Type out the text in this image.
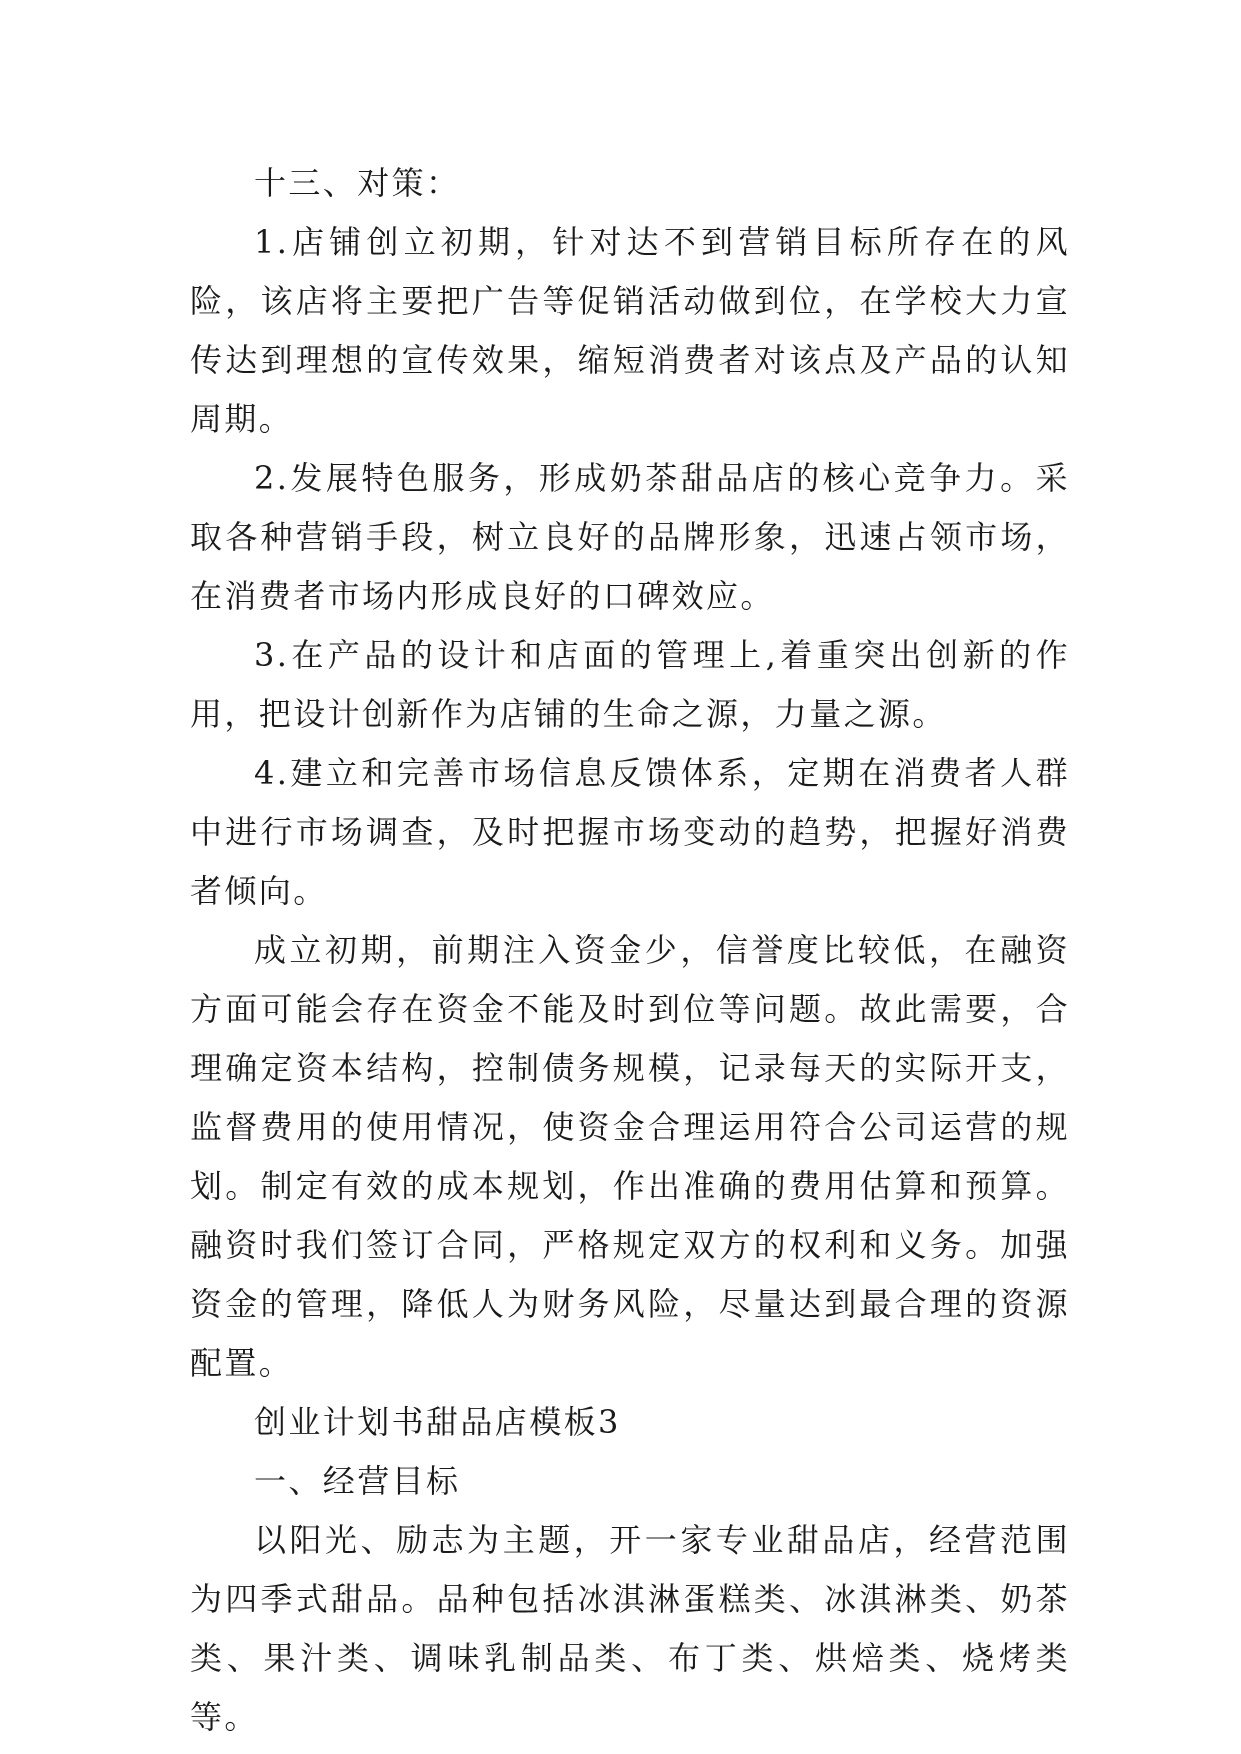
十三、对策：

1.店铺创立初期，针对达不到营销目标所存在的风险，该店将主要把广告等促销活动做到位，在学校大力宣传达到理想的宣传效果，缩短消费者对该点及产品的认知周期。

2.发展特色服务，形成奶茶甜品店的核心竞争力。采取各种营销手段，树立良好的品牌形象，迅速占领市场，在消费者市场内形成良好的口碑效应。

3.在产品的设计和店面的管理上,着重突出创新的作用，把设计创新作为店铺的生命之源，力量之源。

4.建立和完善市场信息反馈体系，定期在消费者人群中进行市场调查，及时把握市场变动的趋势，把握好消费者倾向。

成立初期，前期注入资金少，信誉度比较低，在融资方面可能会存在资金不能及时到位等问题。故此需要，合理确定资本结构，控制债务规模，记录每天的实际开支，监督费用的使用情况，使资金合理运用符合公司运营的规划。制定有效的成本规划，作出准确的费用估算和预算。融资时我们签订合同，严格规定双方的权利和义务。加强资金的管理，降低人为财务风险，尽量达到最合理的资源配置。

创业计划书甜品店模板3

一、经营目标

以阳光、励志为主题，开一家专业甜品店，经营范围为四季式甜品。品种包括冰淇淋蛋糕类、冰淇淋类、奶茶类、果汁类、调味乳制品类、布丁类、烘焙类、烧烤类等。
